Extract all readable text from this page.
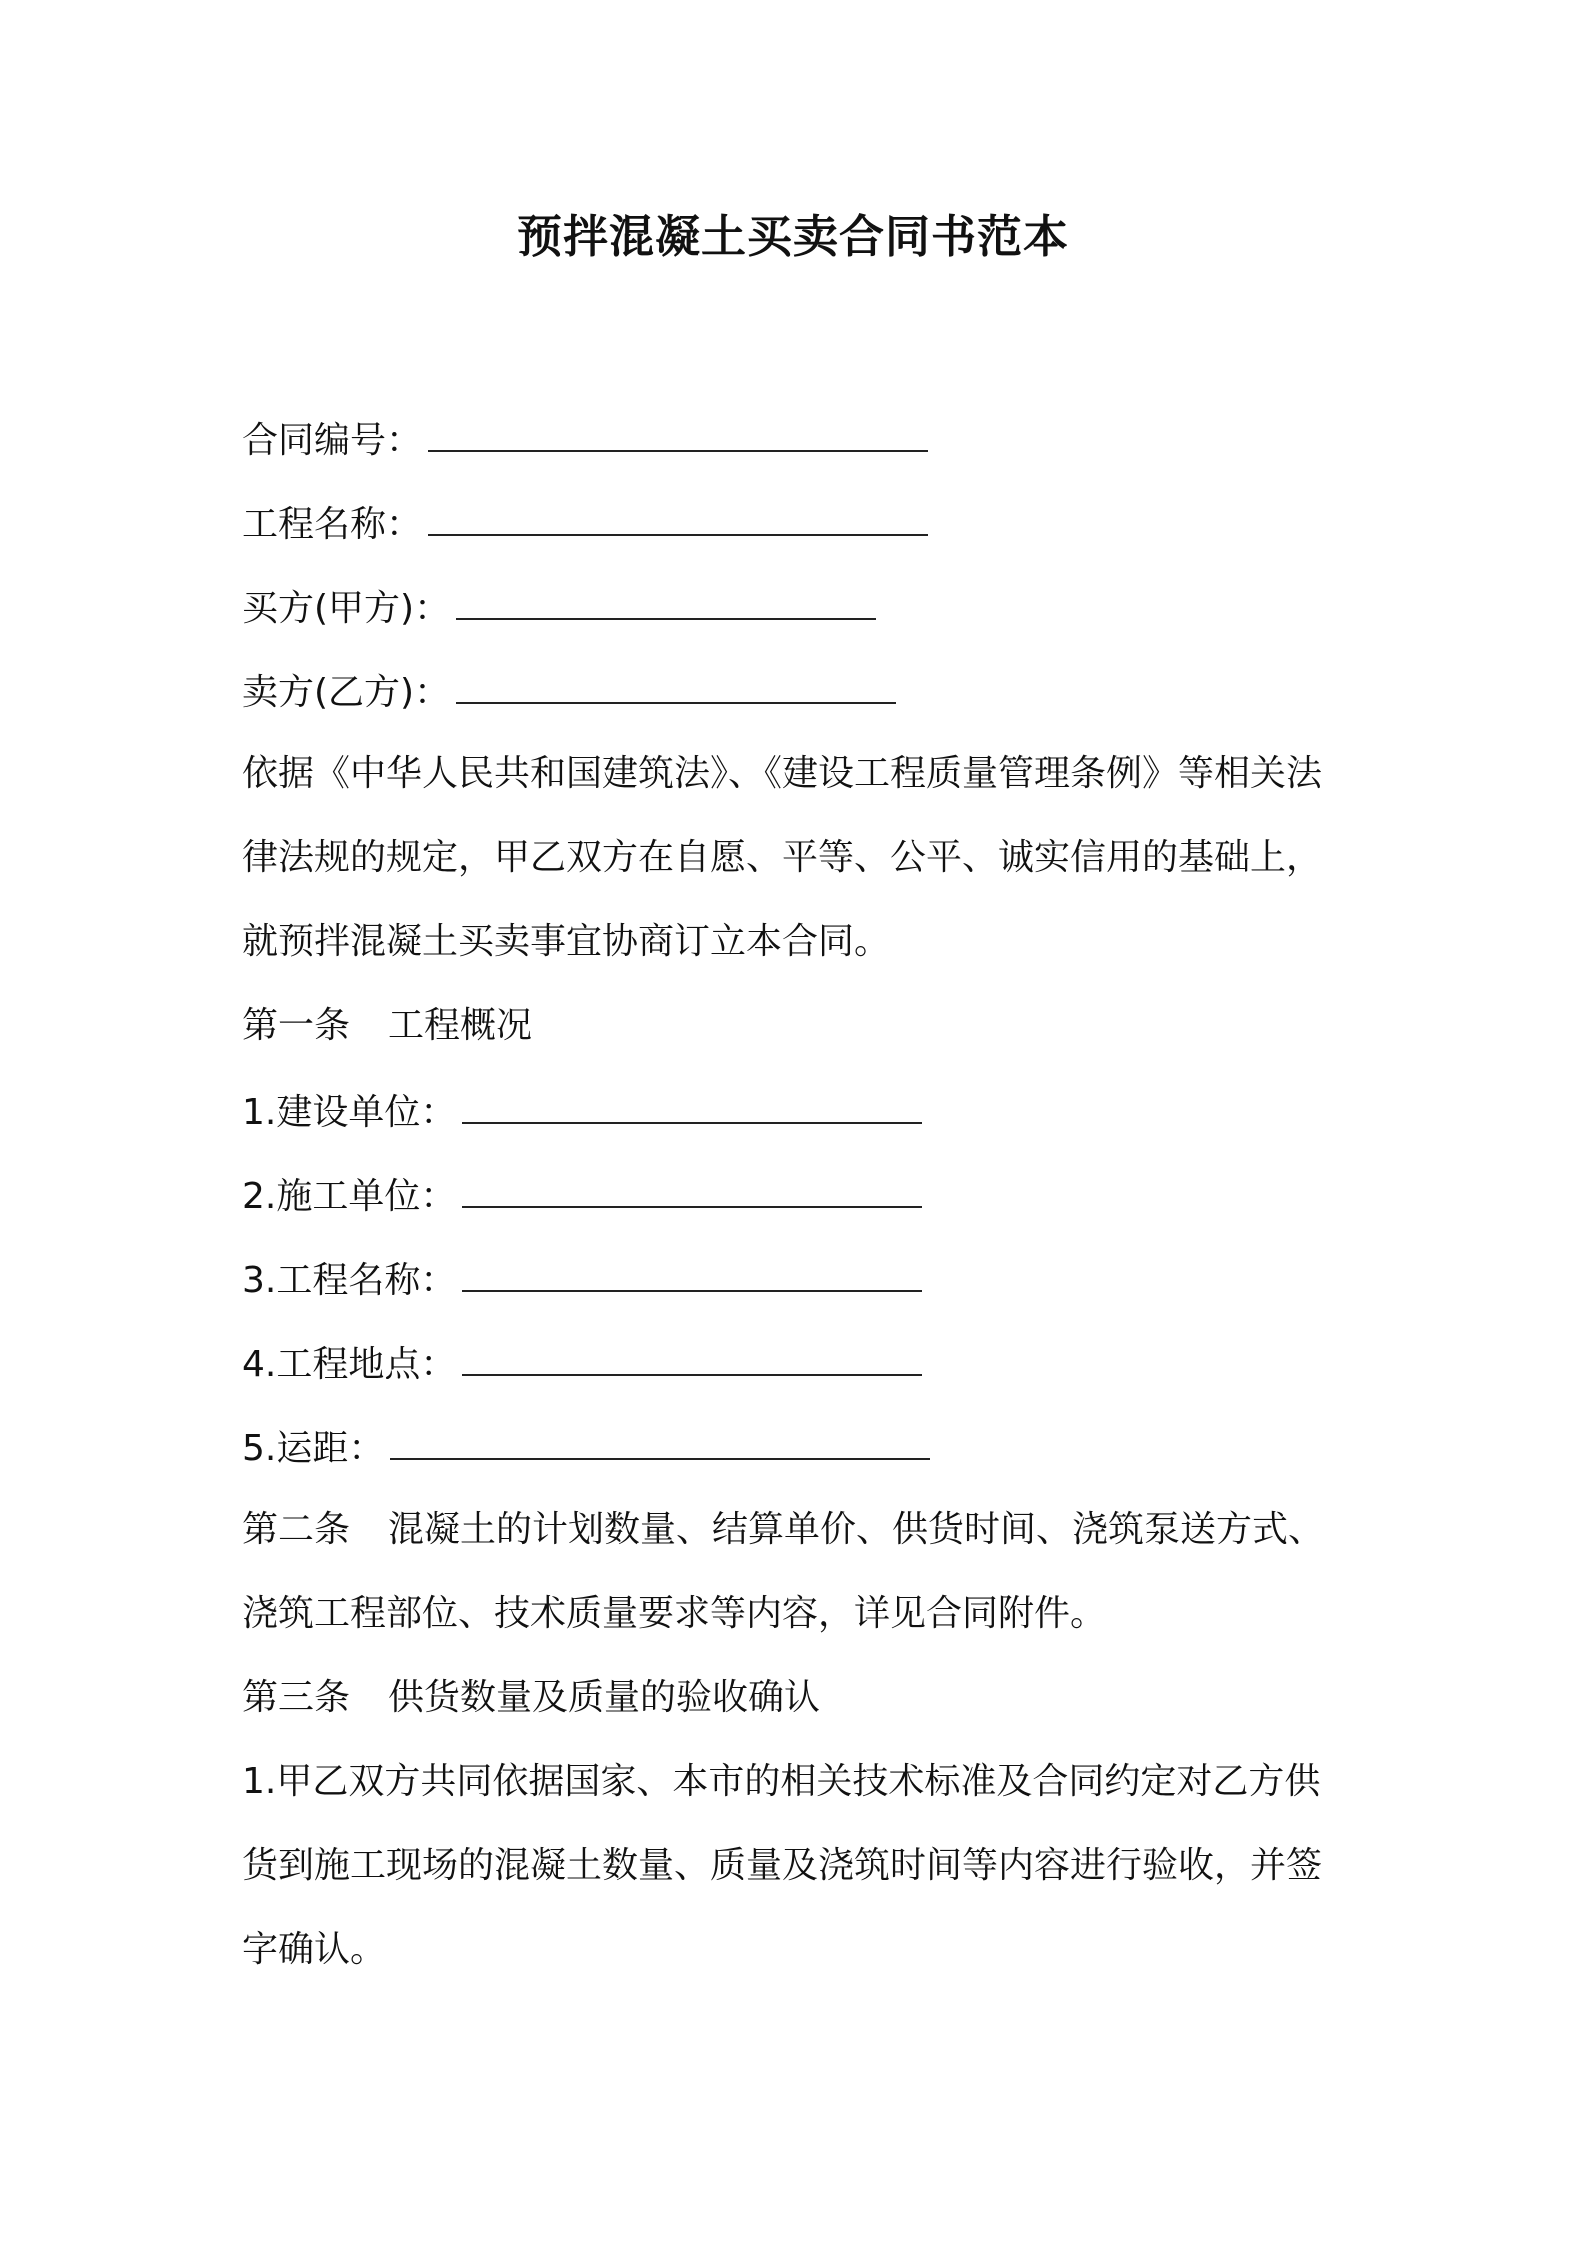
预拌混凝土买卖合同书范本
合同编号：
工程名称：
买方(甲方)：
卖方(乙方)：
依据《中华人民共和国建筑法》、《建设工程质量管理条例》等相关法
律法规的规定，甲乙双方在自愿、平等、公平、诚实信用的基础上，
就预拌混凝土买卖事宜协商订立本合同。
第一条 工程概况
1.建设单位：
2.施工单位：
3.工程名称：
4.工程地点：
5.运距：
第二条 混凝土的计划数量、结算单价、供货时间、浇筑泵送方式、
浇筑工程部位、技术质量要求等内容，详见合同附件。
第三条 供货数量及质量的验收确认
1.甲乙双方共同依据国家、本市的相关技术标准及合同约定对乙方供
货到施工现场的混凝土数量、质量及浇筑时间等内容进行验收，并签
字确认。
